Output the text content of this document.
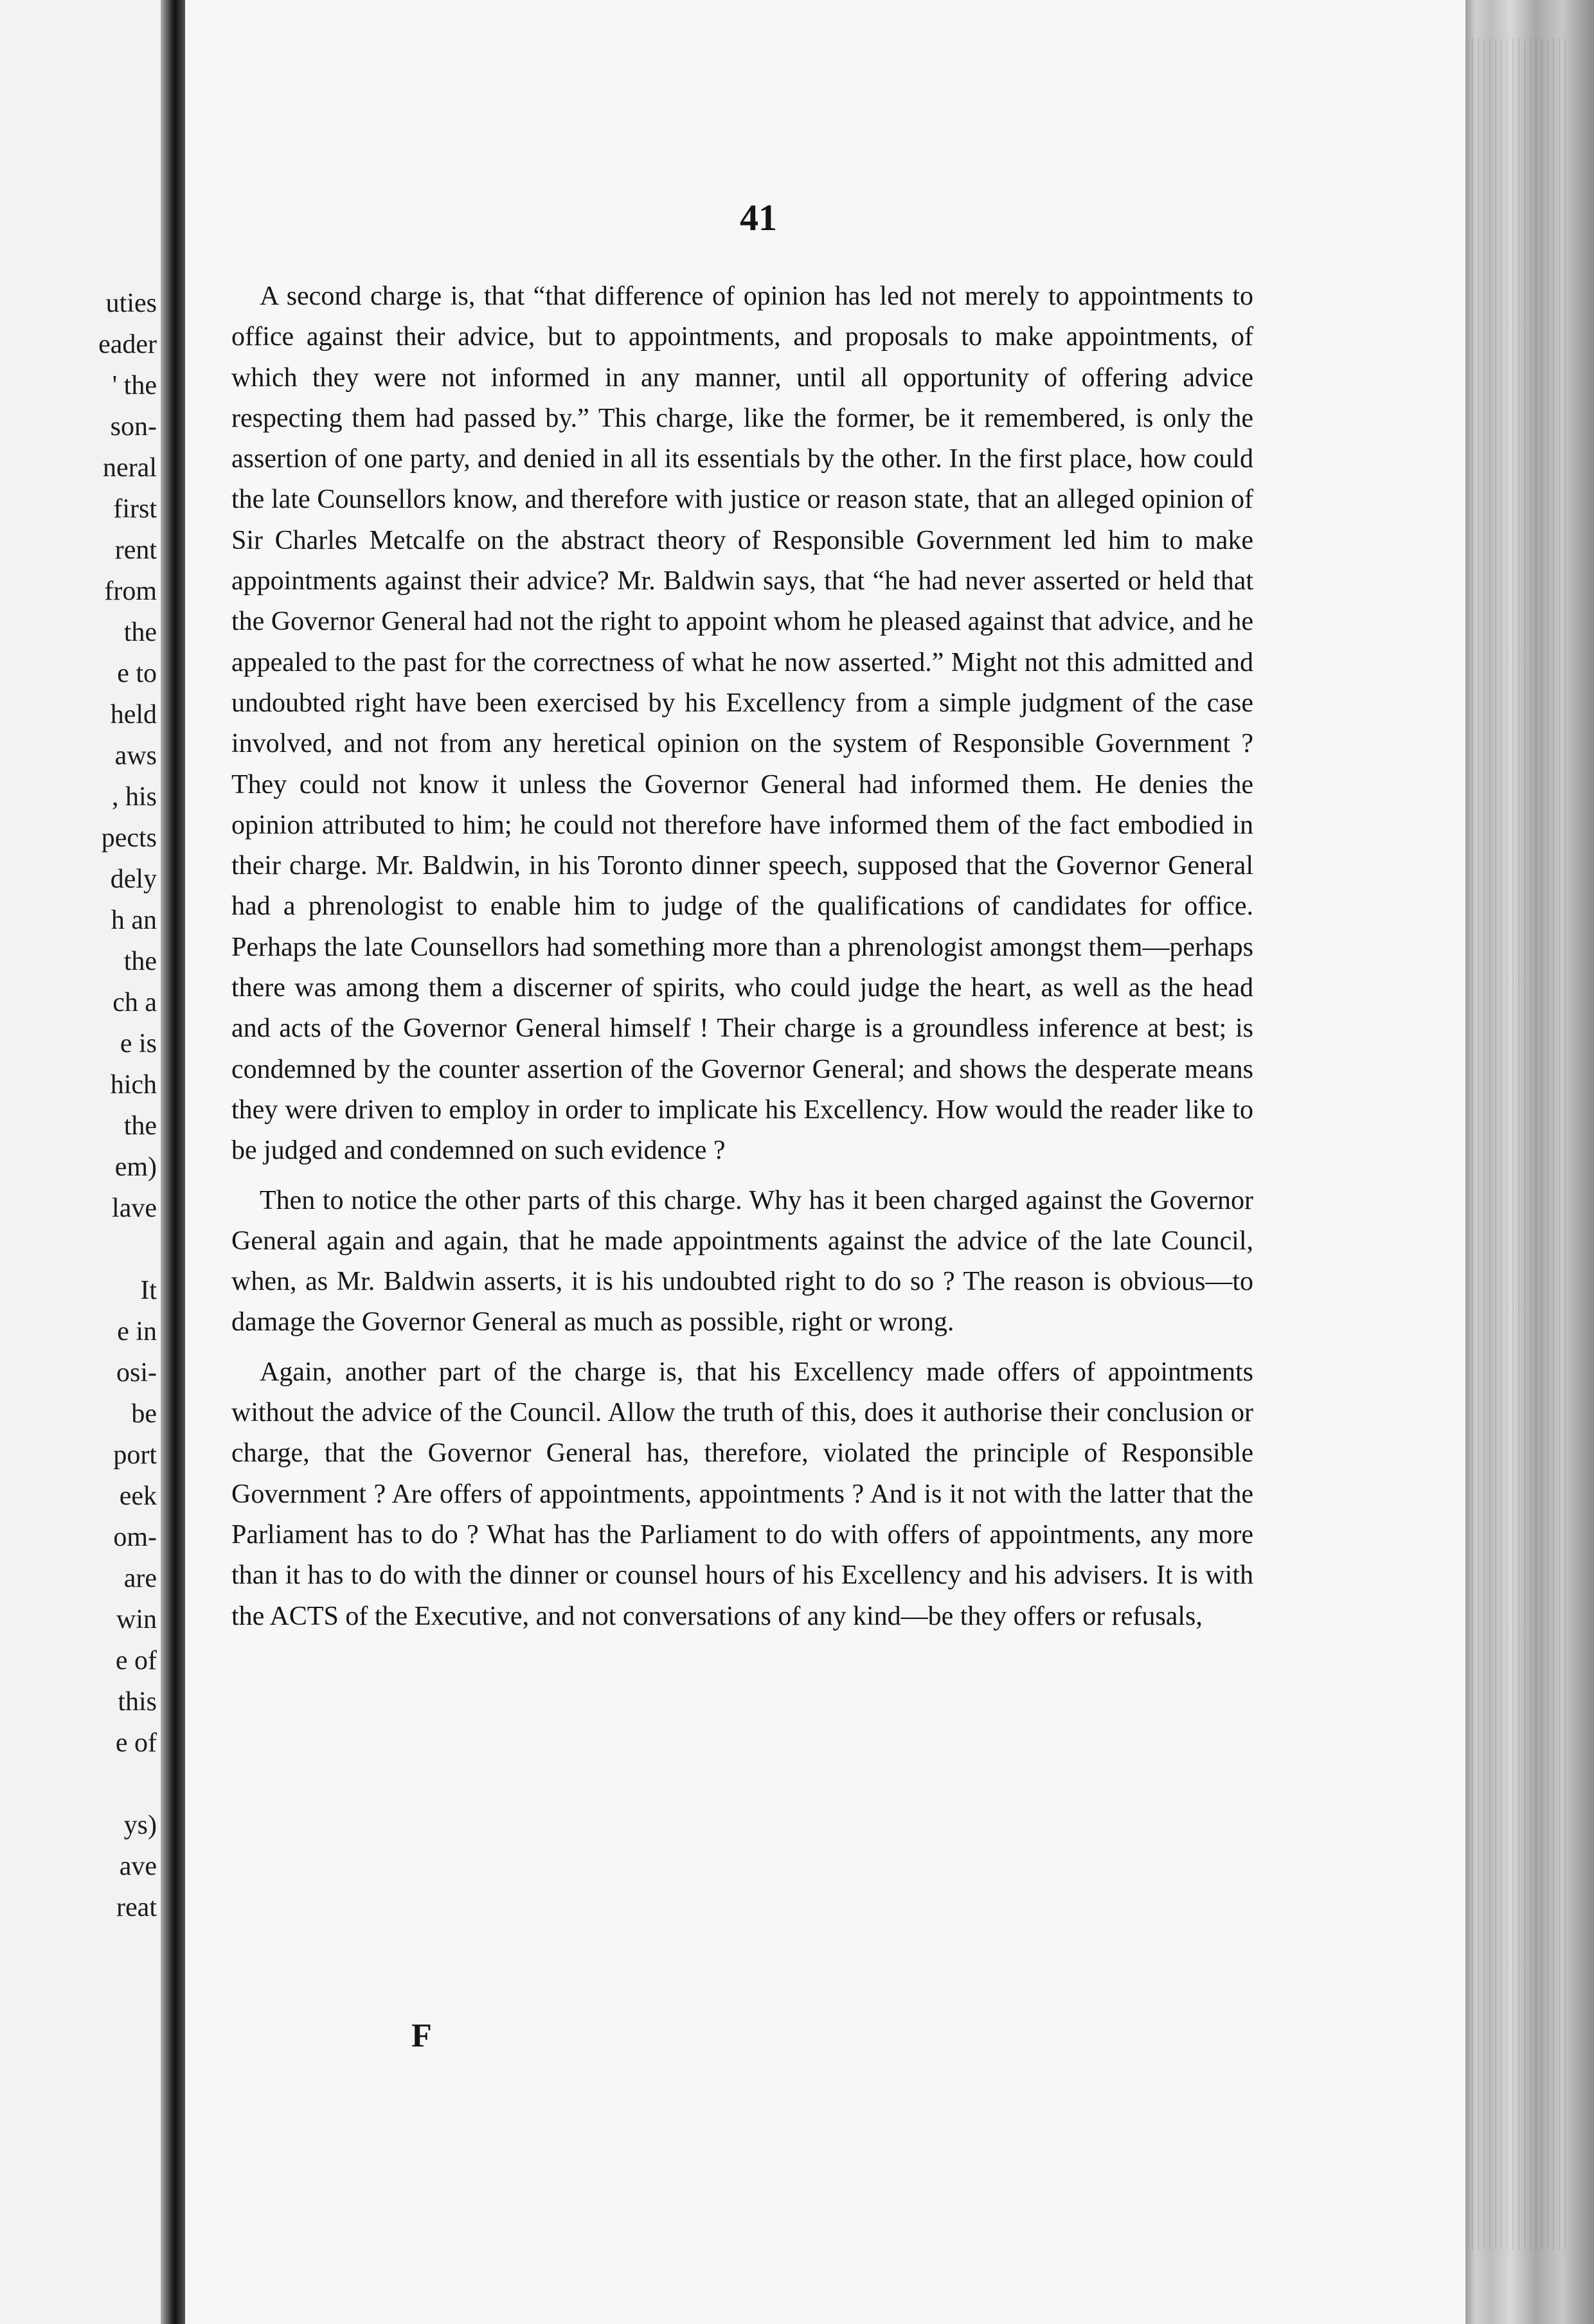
uties
eader
' the
son-
neral
first
rent
from
the
e to
held
aws
, his
pects
dely
h an
the
ch a
e is
hich
the
em)
lave
It
e in
osi-
be
port
eek
om-
are
win
e of
this
e of
ys)
ave
reat
41

A second charge is, that “that difference of opinion has led not merely to appointments to office against their advice, but to appointments, and proposals to make appointments, of which they were not informed in any manner, until all opportunity of offering advice respecting them had passed by.” This charge, like the former, be it remembered, is only the assertion of one party, and denied in all its essentials by the other. In the first place, how could the late Counsellors know, and therefore with justice or reason state, that an alleged opinion of Sir Charles Metcalfe on the abstract theory of Responsible Government led him to make appointments against their advice? Mr. Baldwin says, that “he had never asserted or held that the Governor General had not the right to appoint whom he pleased against that advice, and he appealed to the past for the correctness of what he now asserted.” Might not this admitted and undoubted right have been exercised by his Excellency from a simple judgment of the case involved, and not from any heretical opinion on the system of Responsible Government ? They could not know it unless the Governor General had informed them. He denies the opinion attributed to him; he could not therefore have informed them of the fact embodied in their charge. Mr. Baldwin, in his Toronto dinner speech, supposed that the Governor General had a phrenologist to enable him to judge of the qualifications of candidates for office. Perhaps the late Counsellors had something more than a phrenologist amongst them—perhaps there was among them a discerner of spirits, who could judge the heart, as well as the head and acts of the Governor General himself ! Their charge is a groundless inference at best; is condemned by the counter assertion of the Governor General; and shows the desperate means they were driven to employ in order to implicate his Excellency. How would the reader like to be judged and condemned on such evidence ?

Then to notice the other parts of this charge. Why has it been charged against the Governor General again and again, that he made appointments against the advice of the late Council, when, as Mr. Baldwin asserts, it is his undoubted right to do so ? The reason is obvious—to damage the Governor General as much as possible, right or wrong.

Again, another part of the charge is, that his Excellency made offers of appointments without the advice of the Council. Allow the truth of this, does it authorise their conclusion or charge, that the Governor General has, therefore, violated the principle of Responsible Government ? Are offers of appointments, appointments ? And is it not with the latter that the Parliament has to do ? What has the Parliament to do with offers of appointments, any more than it has to do with the dinner or counsel hours of his Excellency and his advisers. It is with the ACTS of the Executive, and not conversations of any kind—be they offers or refusals,

F
